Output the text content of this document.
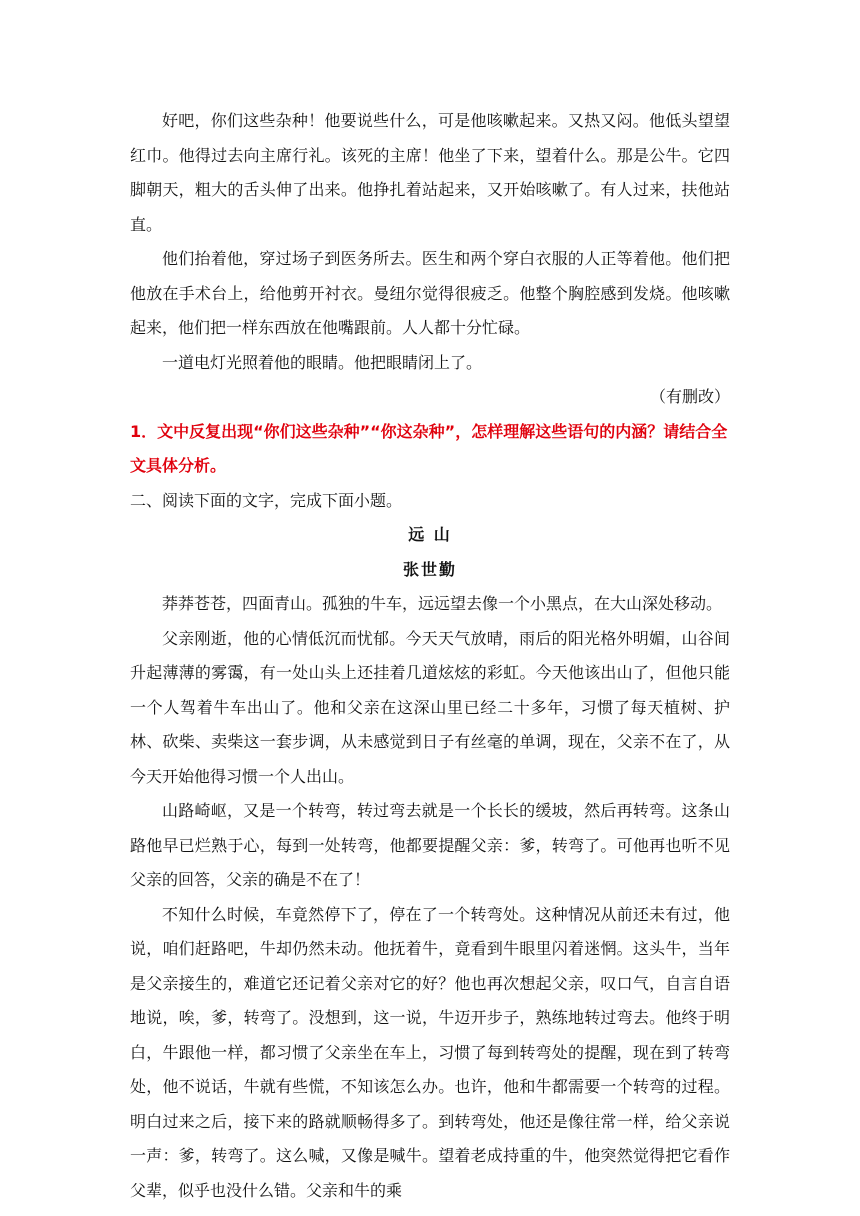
好吧，你们这些杂种！他要说些什么，可是他咳嗽起来。又热又闷。他低头望望红巾。他得过去向主席行礼。该死的主席！他坐了下来，望着什么。那是公牛。它四脚朝天，粗大的舌头伸了出来。他挣扎着站起来，又开始咳嗽了。有人过来，扶他站直。

他们抬着他，穿过场子到医务所去。医生和两个穿白衣服的人正等着他。他们把他放在手术台上，给他剪开衬衣。曼纽尔觉得很疲乏。他整个胸腔感到发烧。他咳嗽起来，他们把一样东西放在他嘴跟前。人人都十分忙碌。

一道电灯光照着他的眼睛。他把眼睛闭上了。

（有删改）

1．文中反复出现“你们这些杂种”“你这杂种”，怎样理解这些语句的内涵？请结合全文具体分析。

二、阅读下面的文字，完成下面小题。

远 山

张世勤

莽莽苍苍，四面青山。孤独的牛车，远远望去像一个小黑点，在大山深处移动。

父亲刚逝，他的心情低沉而忧郁。今天天气放晴，雨后的阳光格外明媚，山谷间升起薄薄的雾霭，有一处山头上还挂着几道炫炫的彩虹。今天他该出山了，但他只能一个人驾着牛车出山了。他和父亲在这深山里已经二十多年，习惯了每天植树、护林、砍柴、卖柴这一套步调，从未感觉到日子有丝毫的单调，现在，父亲不在了，从今天开始他得习惯一个人出山。

山路崎岖，又是一个转弯，转过弯去就是一个长长的缓坡，然后再转弯。这条山路他早已烂熟于心，每到一处转弯，他都要提醒父亲：爹，转弯了。可他再也听不见父亲的回答，父亲的确是不在了！

不知什么时候，车竟然停下了，停在了一个转弯处。这种情况从前还未有过，他说，咱们赶路吧，牛却仍然未动。他抚着牛，竟看到牛眼里闪着迷惘。这头牛，当年是父亲接生的，难道它还记着父亲对它的好？他也再次想起父亲，叹口气，自言自语地说，唉，爹，转弯了。没想到，这一说，牛迈开步子，熟练地转过弯去。他终于明白，牛跟他一样，都习惯了父亲坐在车上，习惯了每到转弯处的提醒，现在到了转弯处，他不说话，牛就有些慌，不知该怎么办。也许，他和牛都需要一个转弯的过程。明白过来之后，接下来的路就顺畅得多了。到转弯处，他还是像往常一样，给父亲说一声：爹，转弯了。这么喊，又像是喊牛。望着老成持重的牛，他突然觉得把它看作父辈，似乎也没什么错。父亲和牛的乘
